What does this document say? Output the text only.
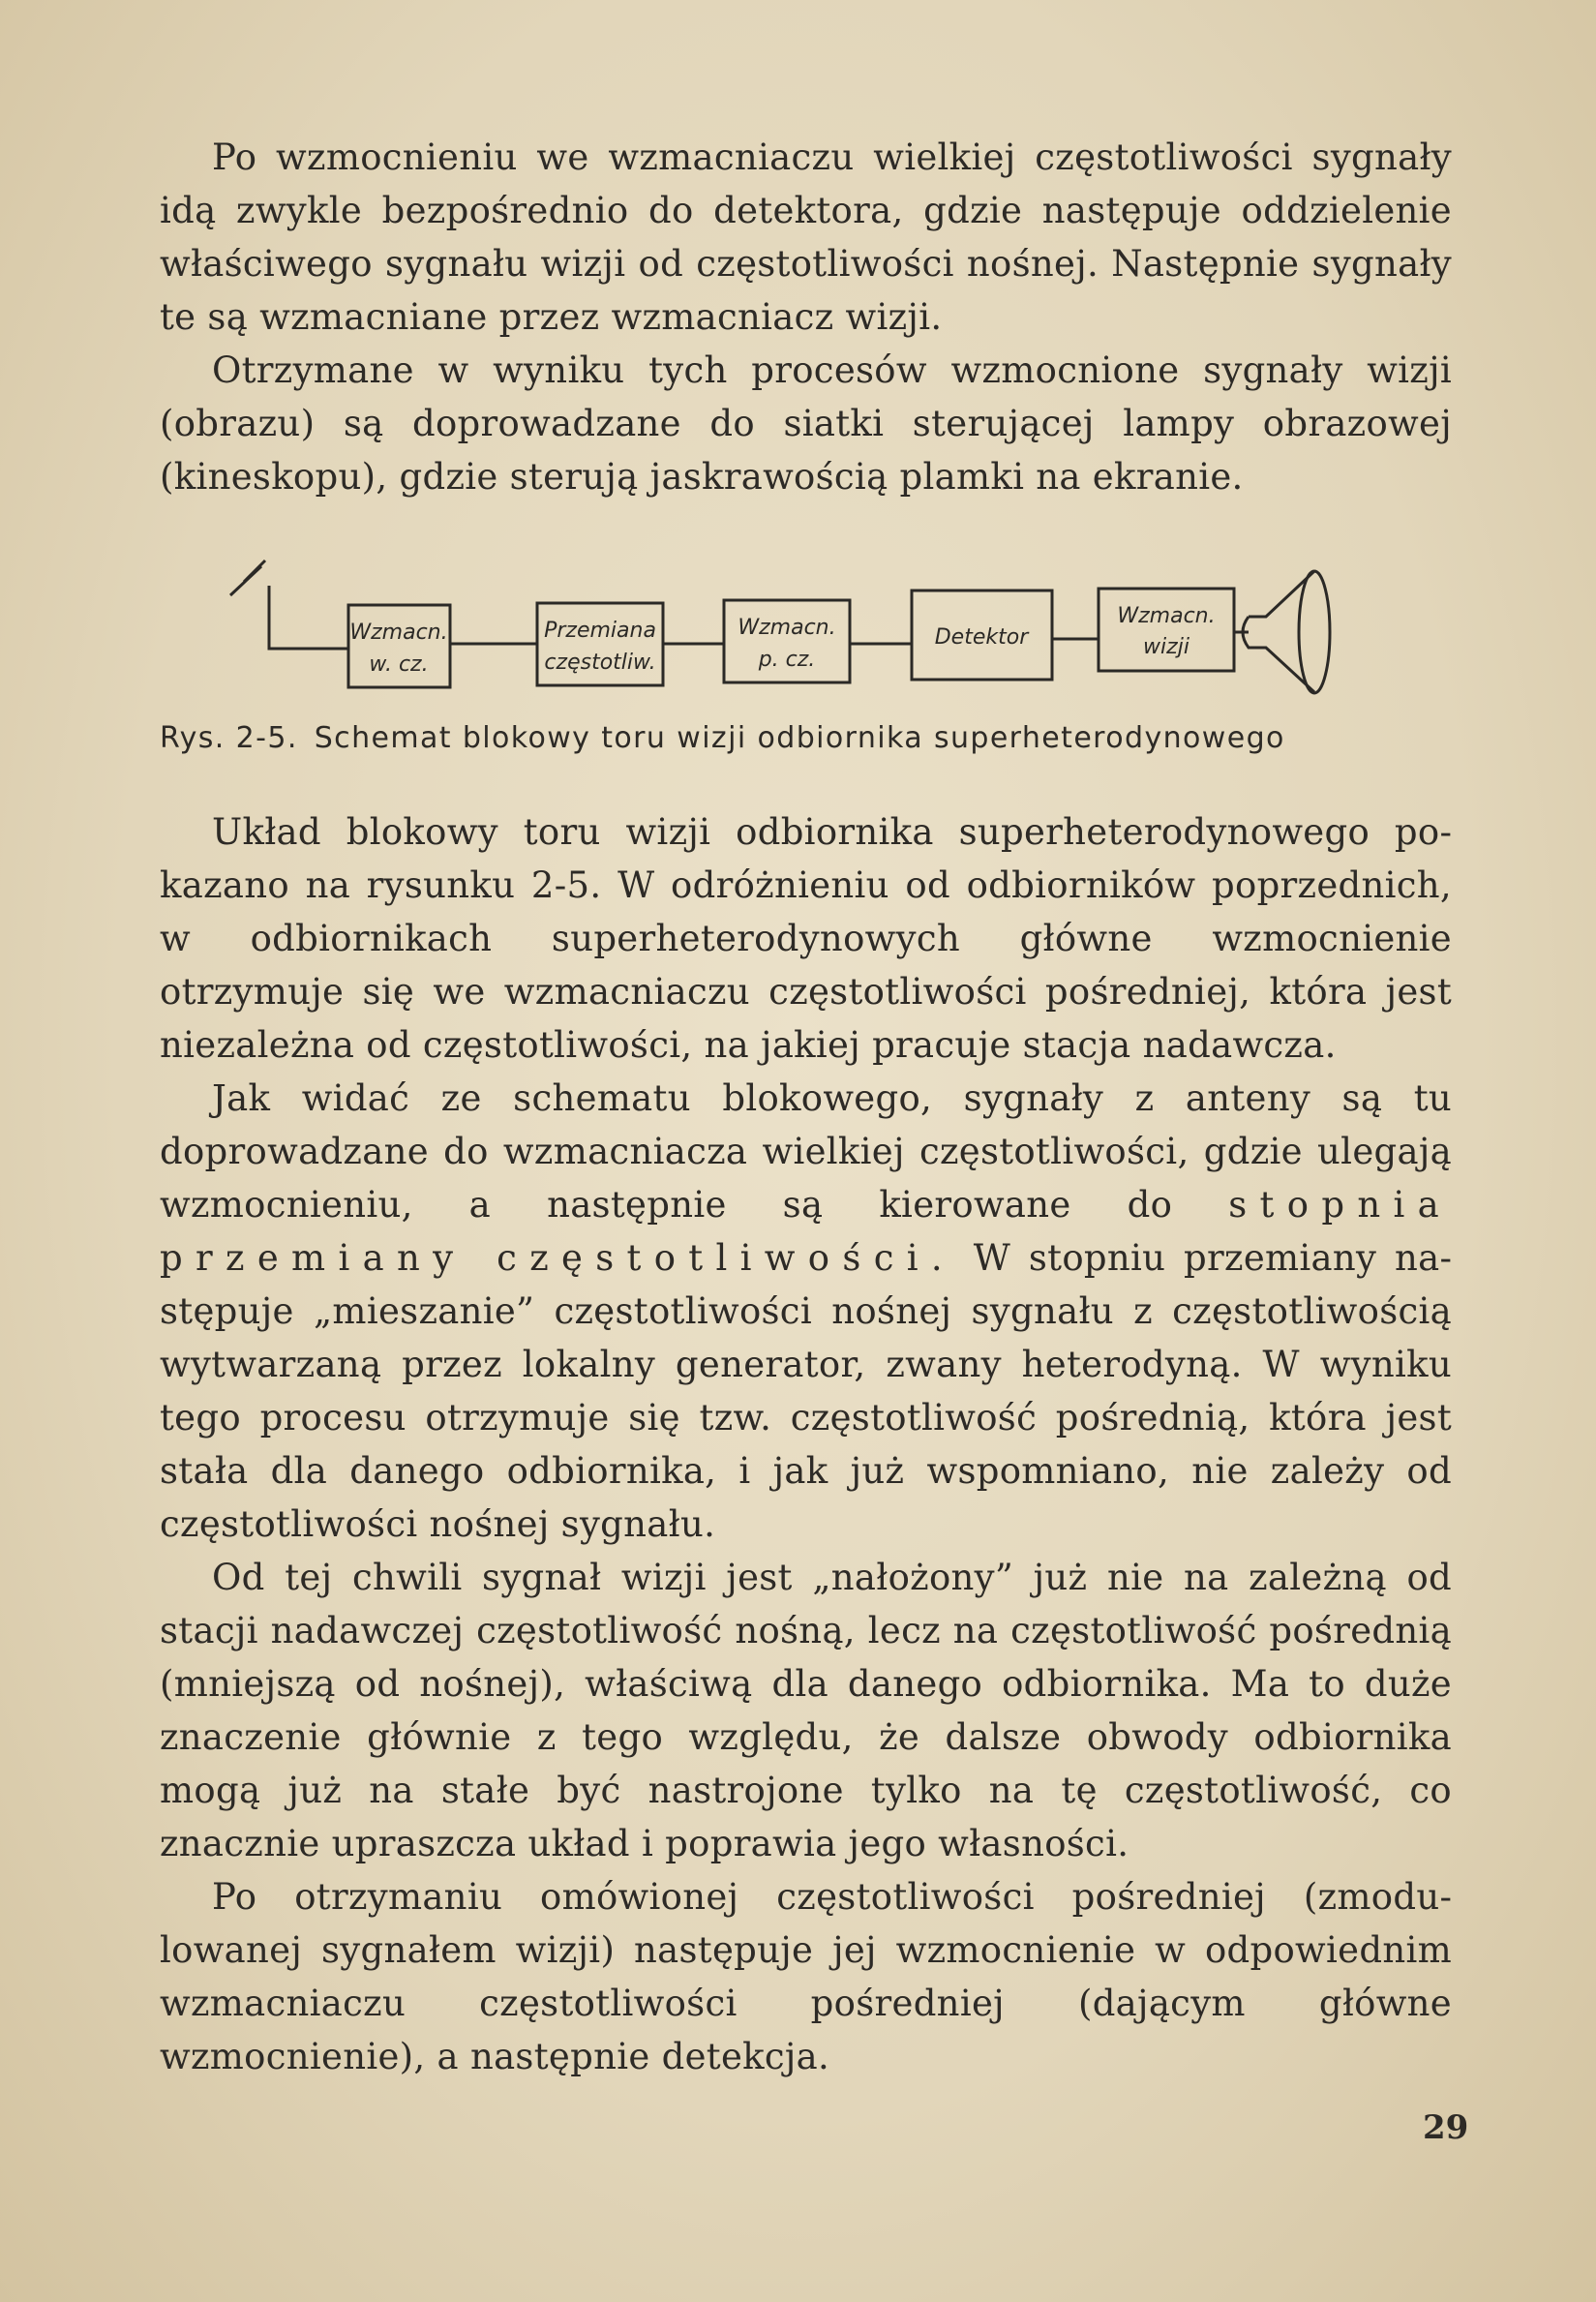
Po wzmocnieniu we wzmacniaczu wielkiej częstotliwości sygnały idą zwykle bezpośrednio do detektora, gdzie następuje oddzielenie właściwego sygnału wizji od częstotliwości nośnej. Następnie sygnały te są wzmacniane przez wzmacniacz wizji.

Otrzymane w wyniku tych procesów wzmocnione sygnały wizji (obrazu) są doprowadzane do siatki sterującej lampy obrazowej (kineskopu), gdzie sterują jaskrawością plamki na ekranie.

Wzmacn.
w. cz.
Przemiana
częstotliw.
Wzmacn.
p. cz.
Detektor
Wzmacn.
wizji
Rys. 2-5. Schemat blokowy toru wizji odbiornika superheterodynowego

Układ blokowy toru wizji odbiornika superheterodynowego pokazano na rysunku 2-5. W odróżnieniu od odbiorników poprzednich, w odbiornikach superheterodynowych główne wzmocnienie otrzymuje się we wzmacniaczu częstotliwości pośredniej, która jest niezależna od częstotliwości, na jakiej pracuje stacja nadawcza.

Jak widać ze schematu blokowego, sygnały z anteny są tu doprowadzane do wzmacniacza wielkiej częstotliwości, gdzie ulegają wzmocnieniu, a następnie są kierowane do stopnia przemiany częstotliwości. W stopniu przemiany następuje „mieszanie” częstotliwości nośnej sygnału z częstotliwością wytwarzaną przez lokalny generator, zwany heterodyną. W wyniku tego procesu otrzymuje się tzw. częstotliwość pośrednią, która jest stała dla danego odbiornika, i jak już wspomniano, nie zależy od częstotliwości nośnej sygnału.

Od tej chwili sygnał wizji jest „nałożony” już nie na zależną od stacji nadawczej częstotliwość nośną, lecz na częstotliwość pośrednią (mniejszą od nośnej), właściwą dla danego odbiornika. Ma to duże znaczenie głównie z tego względu, że dalsze obwody odbiornika mogą już na stałe być nastrojone tylko na tę częstotliwość, co znacznie upraszcza układ i poprawia jego własności.

Po otrzymaniu omówionej częstotliwości pośredniej (zmodulowanej sygnałem wizji) następuje jej wzmocnienie w odpowiednim wzmacniaczu częstotliwości pośredniej (dającym główne wzmocnienie), a następnie detekcja.

29
